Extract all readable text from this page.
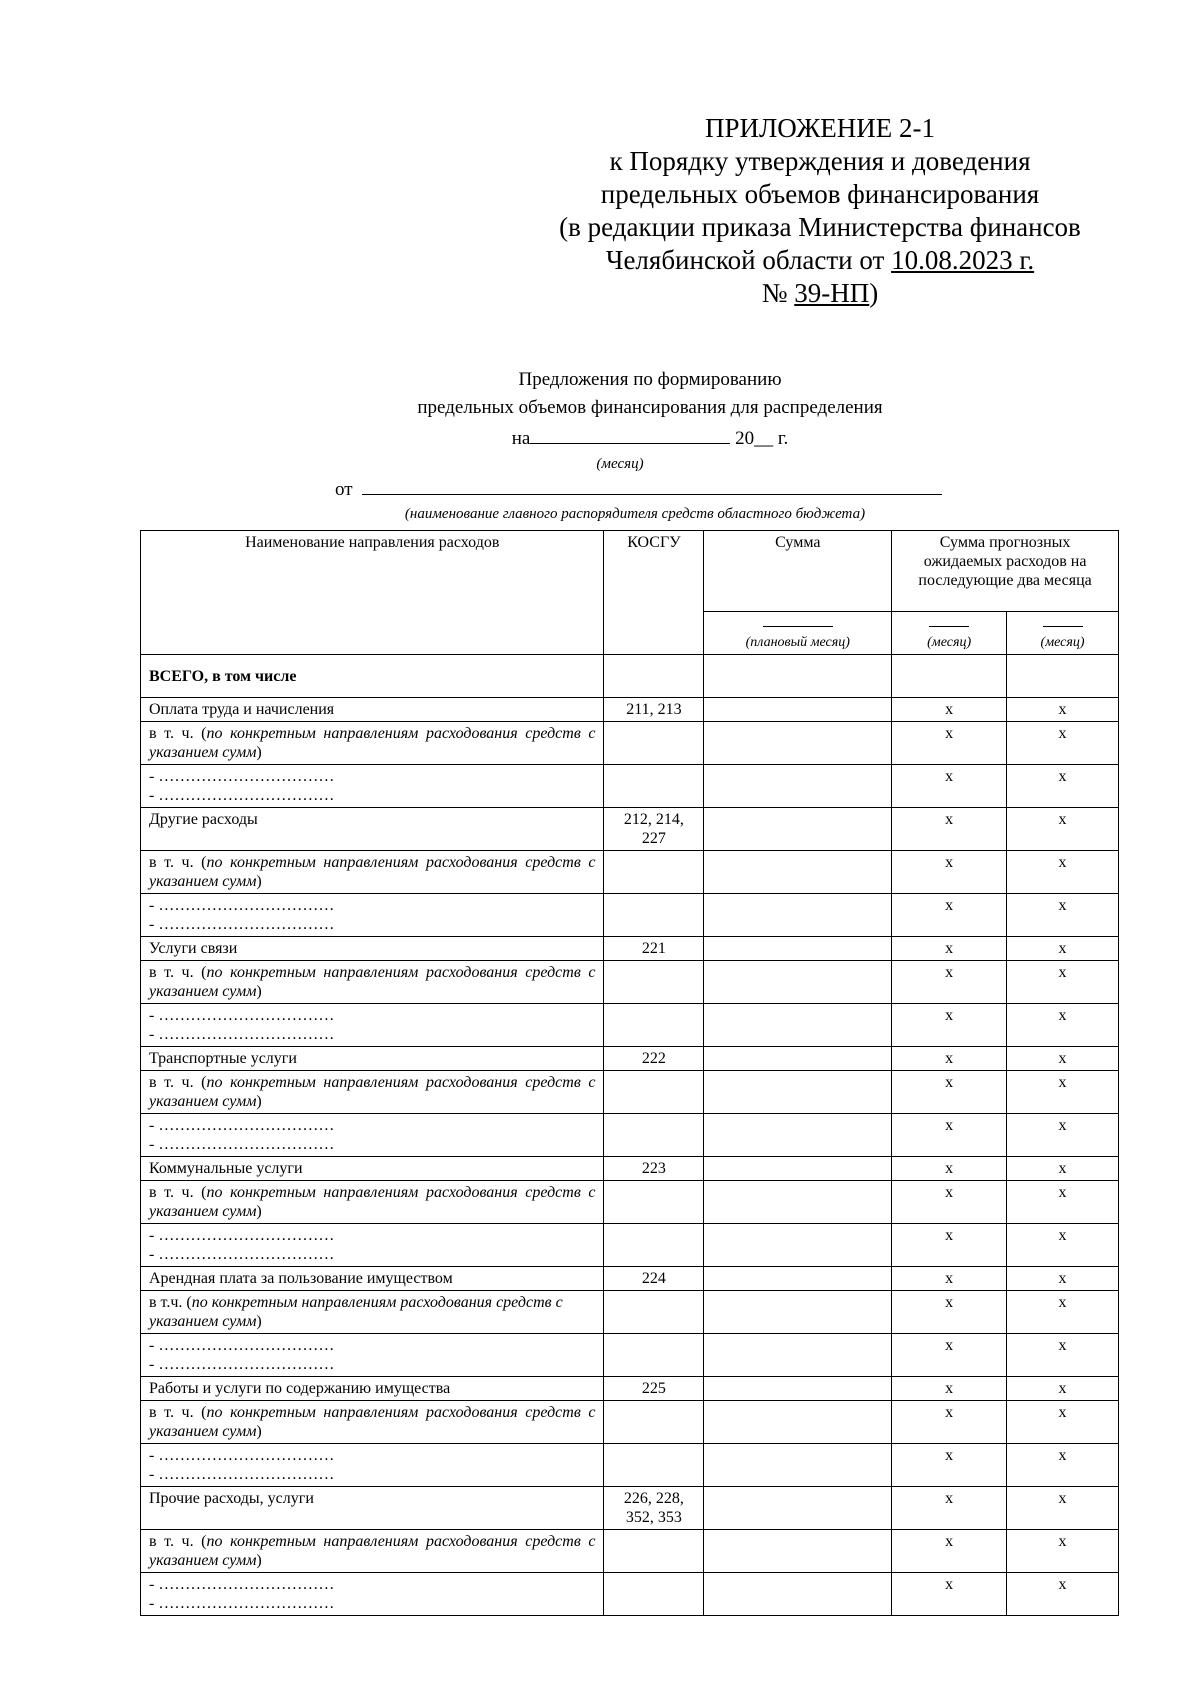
ПРИЛОЖЕНИЕ 2-1
к Порядку утверждения и доведения
предельных объемов финансирования
(в редакции приказа Министерства финансов
Челябинской области от 10.08.2023 г.
№ 39-НП)
Предложения по формированию
предельных объемов финансирования для распределения
на	20__ г.
(месяц)
от
(наименование главного распорядителя средств областного бюджета)
Наименование направления расходов	КОСГУ	Сумма	Сумма прогнозных ожидаемых расходов на последующие два месяца	

(плановый месяц)	(месяц)	(месяц)
ВСЕГО, в том числе				
Оплата труда и начисления	211, 213		х	х
в т. ч. (по конкретным направлениям расходования средств с указанием сумм)			х	х

- ……………………………
- ……………………………			х	х
Другие расходы	212, 214, 227		х	х
в т. ч. (по конкретным направлениям расходования средств с указанием сумм)			х	х

- ……………………………
- ……………………………			х	х
Услуги связи	221		х	х
в т. ч. (по конкретным направлениям расходования средств с указанием сумм)			х	х

- ……………………………
- ……………………………			х	х
Транспортные услуги	222		х	х
в т. ч. (по конкретным направлениям расходования средств с указанием сумм)			х	х

- ……………………………
- ……………………………			х	х
Коммунальные услуги	223		х	х
в т. ч. (по конкретным направлениям расходования средств с указанием сумм)			х	х

- ……………………………
- ……………………………			х	х
Арендная плата за пользование имуществом	224		х	х
в т.ч. (по конкретным направлениям расходования средств с указанием сумм)			х	х

- ……………………………
- ……………………………			х	х
Работы и услуги по содержанию имущества	225		х	х
в т. ч. (по конкретным направлениям расходования средств с указанием сумм)			х	х

- ……………………………
- ……………………………			х	х
Прочие расходы, услуги	226, 228, 352, 353		х	х
в т. ч. (по конкретным направлениям расходования средств с указанием сумм)			х	х

- ……………………………
- ……………………………			х	х
